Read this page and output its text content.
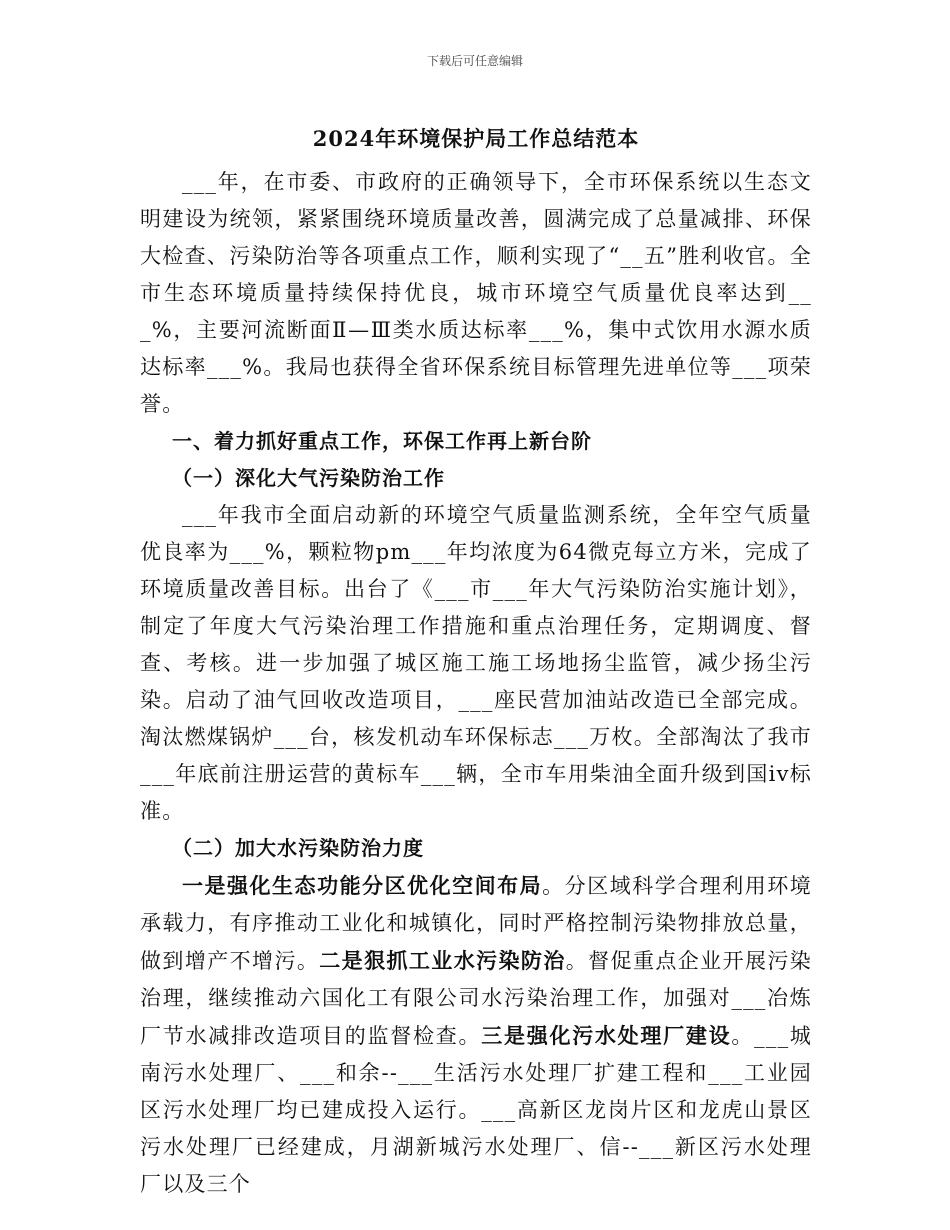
下载后可任意编辑
2024年环境保护局工作总结范本

___年，在市委、市政府的正确领导下，全市环保系统以生态文明建设为统领，紧紧围绕环境质量改善，圆满完成了总量减排、环保大检查、污染防治等各项重点工作，顺利实现了“__五”胜利收官。全市生态环境质量持续保持优良，城市环境空气质量优良率达到___%，主要河流断面Ⅱ—Ⅲ类水质达标率___%，集中式饮用水源水质达标率___%。我局也获得全省环保系统目标管理先进单位等___项荣誉。

一、着力抓好重点工作，环保工作再上新台阶

（一）深化大气污染防治工作

___年我市全面启动新的环境空气质量监测系统，全年空气质量优良率为___%，颗粒物pm___年均浓度为64微克每立方米，完成了环境质量改善目标。出台了《___市___年大气污染防治实施计划》，制定了年度大气污染治理工作措施和重点治理任务，定期调度、督查、考核。进一步加强了城区施工施工场地扬尘监管，减少扬尘污染。启动了油气回收改造项目，___座民营加油站改造已全部完成。淘汰燃煤锅炉___台，核发机动车环保标志___万枚。全部淘汰了我市___年底前注册运营的黄标车___辆，全市车用柴油全面升级到国iv标准。

（二）加大水污染防治力度

一是强化生态功能分区优化空间布局。分区域科学合理利用环境承载力，有序推动工业化和城镇化，同时严格控制污染物排放总量，做到增产不增污。二是狠抓工业水污染防治。督促重点企业开展污染治理，继续推动六国化工有限公司水污染治理工作，加强对___冶炼厂节水减排改造项目的监督检查。三是强化污水处理厂建设。___城南污水处理厂、___和余--___生活污水处理厂扩建工程和___工业园区污水处理厂均已建成投入运行。___高新区龙岗片区和龙虎山景区污水处理厂已经建成，月湖新城污水处理厂、信--___新区污水处理厂以及三个
